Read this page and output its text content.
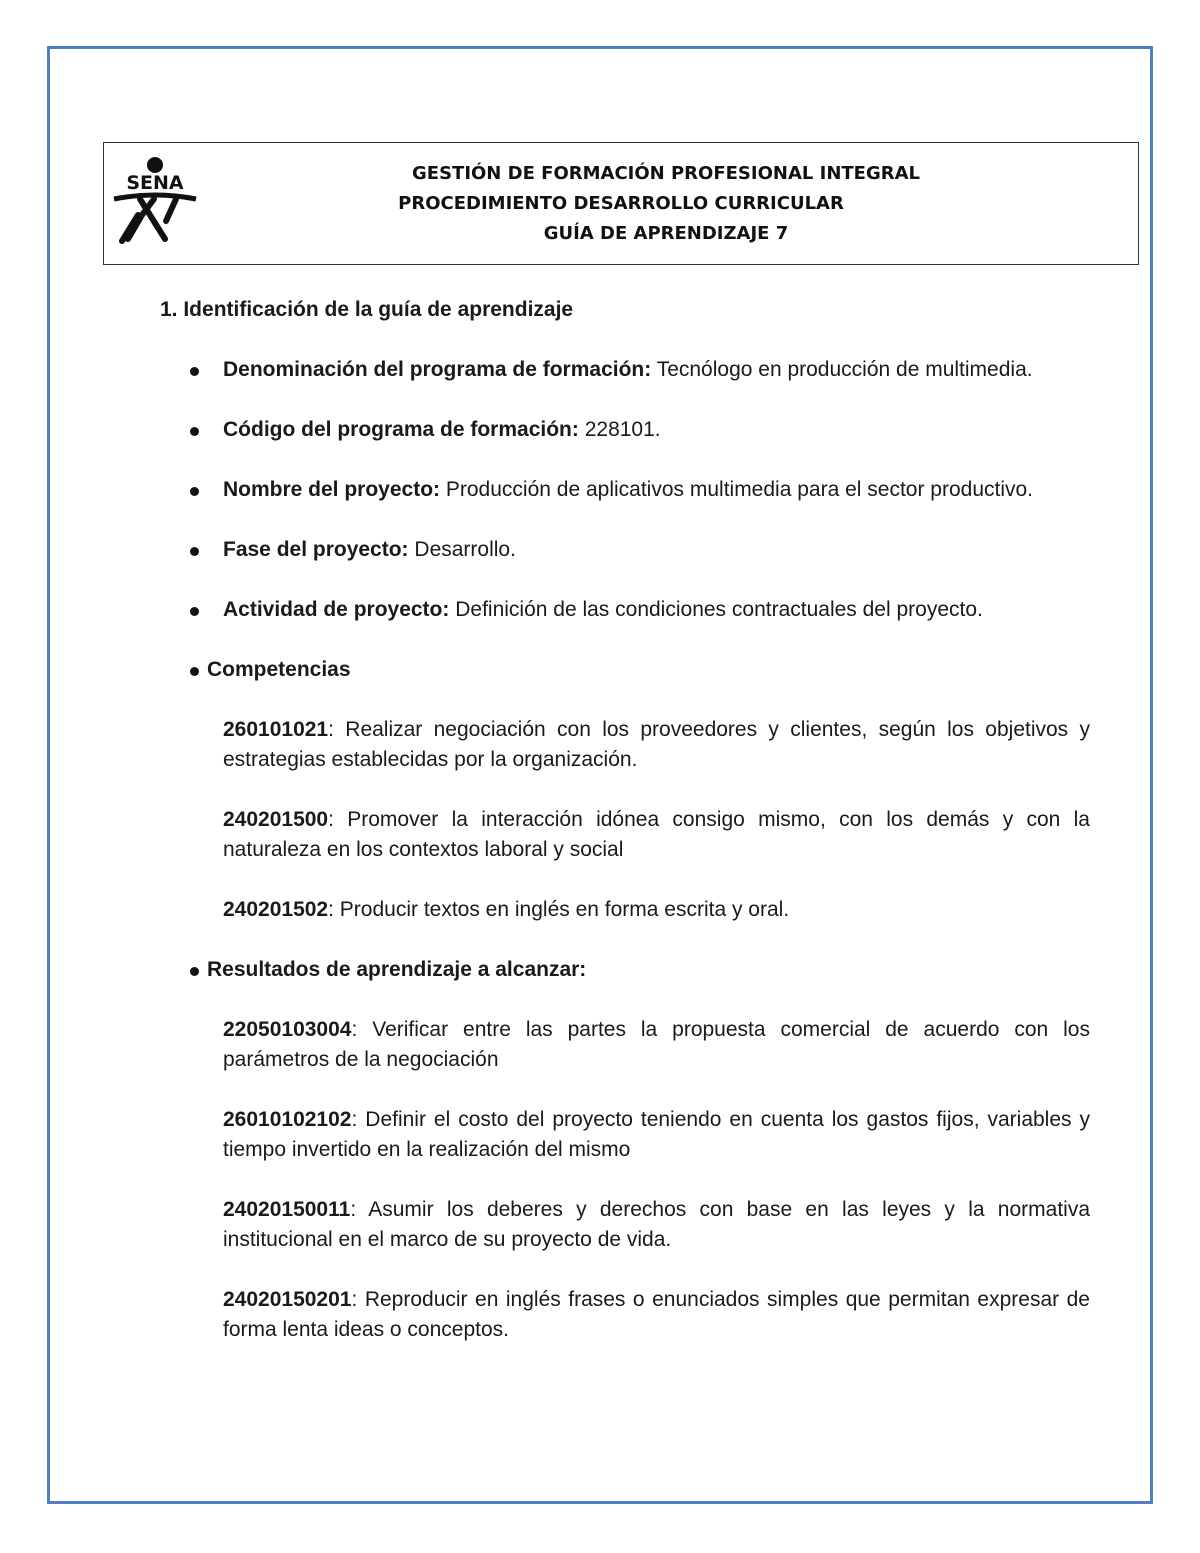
SENA	GESTIÓN DE FORMACIÓN PROFESIONAL INTEGRAL
PROCEDIMIENTO DESARROLLO CURRICULAR
GUÍA DE APRENDIZAJE 7

1. Identificación de la guía de aprendizaje

Denominación del programa de formación: Tecnólogo en producción de multimedia.
Código del programa de formación: 228101.
Nombre del proyecto: Producción de aplicativos multimedia para el sector productivo.
Fase del proyecto: Desarrollo.
Actividad de proyecto: Definición de las condiciones contractuales del proyecto.
Competencias
260101021: Realizar negociación con los proveedores y clientes, según los objetivos y estrategias establecidas por la organización.
240201500: Promover la interacción idónea consigo mismo, con los demás y con la naturaleza en los contextos laboral y social
240201502: Producir textos en inglés en forma escrita y oral.
Resultados de aprendizaje a alcanzar:
22050103004: Verificar entre las partes la propuesta comercial de acuerdo con los parámetros de la negociación
26010102102: Definir el costo del proyecto teniendo en cuenta los gastos fijos, variables y tiempo invertido en la realización del mismo
24020150011: Asumir los deberes y derechos con base en las leyes y la normativa institucional en el marco de su proyecto de vida.
24020150201: Reproducir en inglés frases o enunciados simples que permitan expresar de forma lenta ideas o conceptos.
